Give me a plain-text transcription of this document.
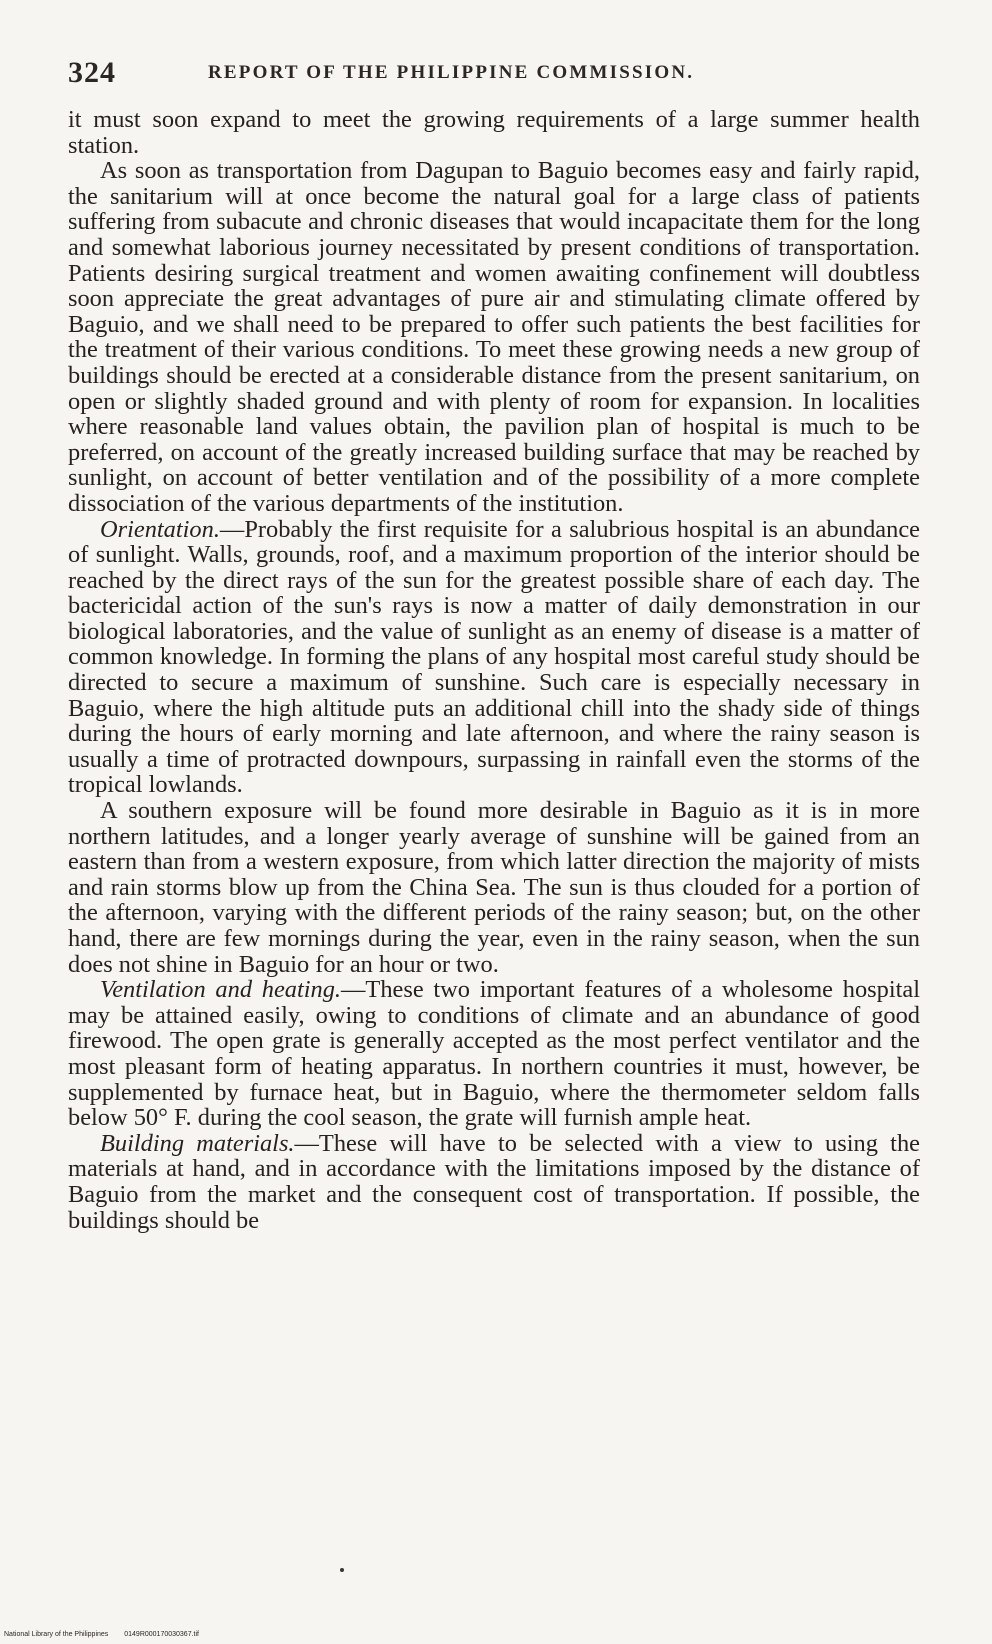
324	REPORT OF THE PHILIPPINE COMMISSION.

it must soon expand to meet the growing requirements of a large summer health station.

As soon as transportation from Dagupan to Baguio becomes easy and fairly rapid, the sanitarium will at once become the natural goal for a large class of patients suffering from subacute and chronic diseases that would incapacitate them for the long and somewhat laborious journey necessitated by present conditions of transportation. Patients desiring surgical treatment and women awaiting confinement will doubtless soon appreciate the great advantages of pure air and stimulating climate offered by Baguio, and we shall need to be prepared to offer such patients the best facilities for the treatment of their various conditions. To meet these growing needs a new group of buildings should be erected at a considerable distance from the present sanitarium, on open or slightly shaded ground and with plenty of room for expansion. In localities where reasonable land values obtain, the pavilion plan of hospital is much to be preferred, on account of the greatly increased building surface that may be reached by sunlight, on account of better ventilation and of the possibility of a more complete dissociation of the various departments of the institution.

Orientation.—Probably the first requisite for a salubrious hospital is an abundance of sunlight. Walls, grounds, roof, and a maximum proportion of the interior should be reached by the direct rays of the sun for the greatest possible share of each day. The bactericidal action of the sun's rays is now a matter of daily demonstration in our biological laboratories, and the value of sunlight as an enemy of disease is a matter of common knowledge. In forming the plans of any hospital most careful study should be directed to secure a maximum of sunshine. Such care is especially necessary in Baguio, where the high altitude puts an additional chill into the shady side of things during the hours of early morning and late afternoon, and where the rainy season is usually a time of protracted downpours, surpassing in rainfall even the storms of the tropical lowlands.

A southern exposure will be found more desirable in Baguio as it is in more northern latitudes, and a longer yearly average of sunshine will be gained from an eastern than from a western exposure, from which latter direction the majority of mists and rain storms blow up from the China Sea. The sun is thus clouded for a portion of the afternoon, varying with the different periods of the rainy season; but, on the other hand, there are few mornings during the year, even in the rainy season, when the sun does not shine in Baguio for an hour or two.

Ventilation and heating.—These two important features of a wholesome hospital may be attained easily, owing to conditions of climate and an abundance of good firewood. The open grate is generally accepted as the most perfect ventilator and the most pleasant form of heating apparatus. In northern countries it must, however, be supplemented by furnace heat, but in Baguio, where the thermometer seldom falls below 50° F. during the cool season, the grate will furnish ample heat.

Building materials.—These will have to be selected with a view to using the materials at hand, and in accordance with the limitations imposed by the distance of Baguio from the market and the consequent cost of transportation. If possible, the buildings should be

National Library of the Philippines 0149R000170030367.tif
